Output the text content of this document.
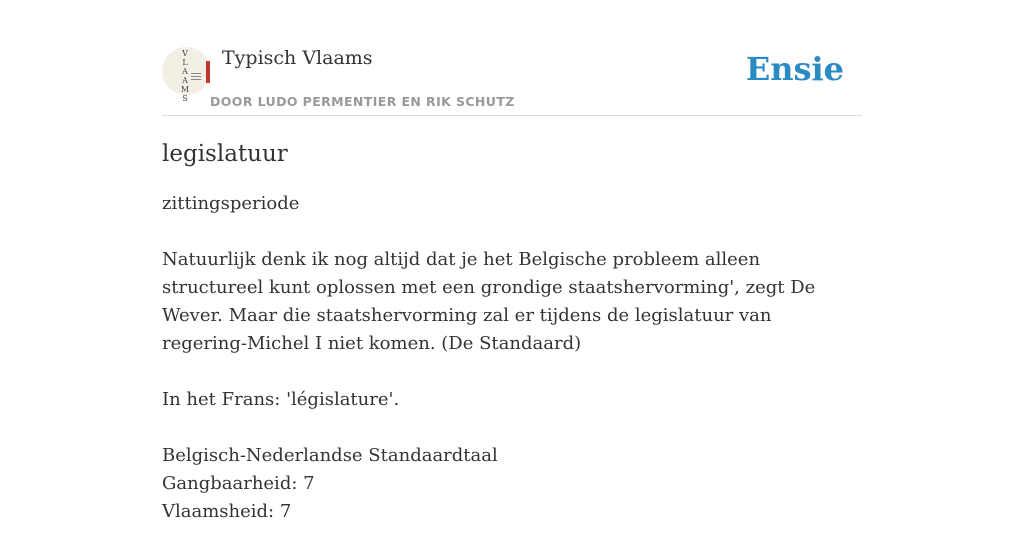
V
L
A
A
M
S
Typisch Vlaams
DOOR LUDO PERMENTIER EN RIK SCHUTZ
Ensie
legislatuur

zittingsperiode

Natuurlijk denk ik nog altijd dat je het Belgische probleem alleen structureel kunt oplossen met een grondige staatshervorming', zegt De Wever. Maar die staatshervorming zal er tijdens de legislatuur van regering-Michel I niet komen. (De Standaard)

In het Frans: 'législature'.

Belgisch-Nederlandse Standaardtaal
Gangbaarheid: 7
Vlaamsheid: 7
